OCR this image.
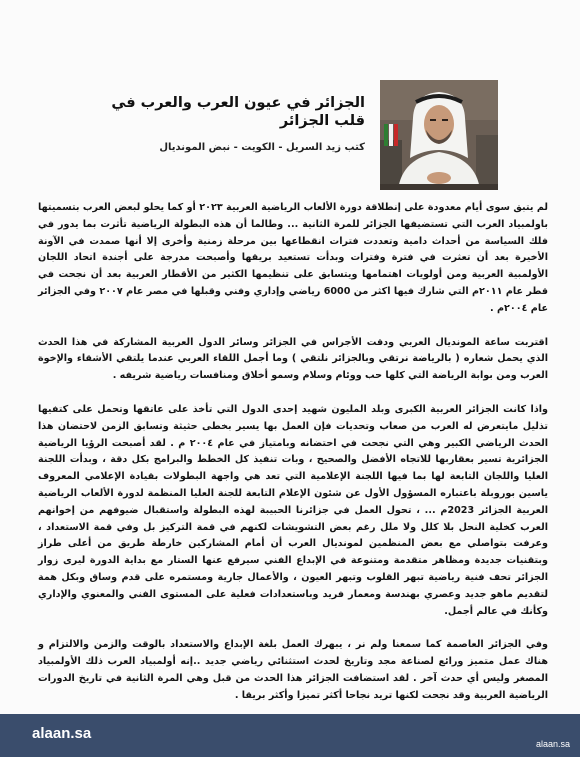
الجزائر في عيون العرب والعرب في قلب الجزائر

كتب زيد السريل - الكويت - نبض المونديال

لم يتبق سوى أيام معدودة على إنطلاقة دورة الألعاب الرياضية العربية ٢٠٢٣ أو كما يحلو لبعض العرب بتسميتها باولمبياد العرب التي تستضيفها الجزائر للمرة الثانية ... وطالما أن هذه البطولة الرياضية تأثرت بما يدور في فلك السياسة من أحداث دامية وتعددت فترات انقطاعها بين مرحلة زمنية وأخرى إلا أنها صمدت في الآونة الأخيرة بعد أن تعثرت في فترة وفترات وبدأت تستعيد بريقها وأصبحت مدرجة على أجندة اتحاد اللجان الأولمبية العربية ومن أولويات اهتمامها ويتسابق على تنظيمها الكثير من الأقطار العربية بعد أن نجحت في قطر عام ٢٠١١م التي شارك فيها اكثر من 6000 رياضي وإداري وفني وقبلها في مصر عام ٢٠٠٧ وفي الجزائر عام ٢٠٠٤م .

اقتربت ساعة المونديال العربي ودقت الأجراس في الجزائر وسائر الدول العربية المشاركة في هذا الحدث الذي يحمل شعاره ( بالرياضة نرتقي وبالجزائر نلتقي ) وما أجمل اللقاء العربي عندما يلتقي الأشقاء والإخوة العرب ومن بوابة الرياضة التي كلها حب ووئام وسلام وسمو أخلاق ومنافسات رياضية شريفه .

واذا كانت الجزائر العربية الكبرى وبلد المليون شهيد إحدى الدول التي تأخذ على عاتقها وتحمل على كتفيها تذليل مايتعرض له العرب من صعاب وتحديات فإن العمل بها يسير بخطى حثيثة وتسابق الزمن لاحتضان هذا الحدث الرياضي الكبير وهي التي نجحت في احتضانه وبامتياز في عام ٢٠٠٤ م . لقد أصبحت الرؤيا الرياضية الجزائرية تسير بعقاربها للاتجاه الأفضل والصحيح ، وبات تنفيذ كل الخطط والبرامج بكل دقة ، وبدأت اللجنة العليا واللجان التابعة لها بما فيها اللجنة الإعلامية التي تعد هي واجهة البطولات بقيادة الإعلامي المعروف ياسين بوروبلة باعتباره المسؤول الأول عن شئون الإعلام التابعة للجنة العليا المنظمة لدورة الألعاب الرياضية العربية الجزائر 2023م ... ، تحول العمل في جزائرنا الحبيبة لهذه البطولة واستقبال ضيوفهم من إخوانهم العرب كخلية النحل بلا كلل ولا ملل رغم بعض التشويشات لكنهم في قمة التركيز بل وفي قمة الاستعداد ، وعرفت بتواصلي مع بعض المنظمين لمونديال العرب أن أمام المشاركين خارطة طريق من أعلى طراز وبتقنيات جديدة ومظاهر متقدمة ومتنوعة في الإبداع الفني سيرفع عنها الستار مع بداية الدورة ليرى زوار الجزائر تحف فنية رياضية تبهر القلوب وتبهر العيون ، والأعمال جارية ومستمره على قدم وساق وبكل همة لتقديم ماهو جديد وعصري بهندسة ومعمار فريد وباستعدادات فعلية على المستوى الفني والمعنوي والإداري وكأنك في عالم أجمل.

وفي الجزائر العاصمة كما سمعنا ولم نر ، يبهرك العمل بلغة الإبداع والاستعداد بالوقت والزمن والالتزام و هناك عمل متميز ورائع لصناعة مجد وتاريخ لحدث استثنائي رياضي جديد ..إنه أولمبياد العرب ذلك الأولمبياد المصغر وليس أي حدث آخر . لقد استضافت الجزائر هذا الحدث من قبل وهي المرة الثانية في تاريخ الدورات الرياضية العربية وقد نجحت لكنها تريد نجاحا أكثر تميزا وأكثر بريقا .

alaan.sa
alaan.sa
